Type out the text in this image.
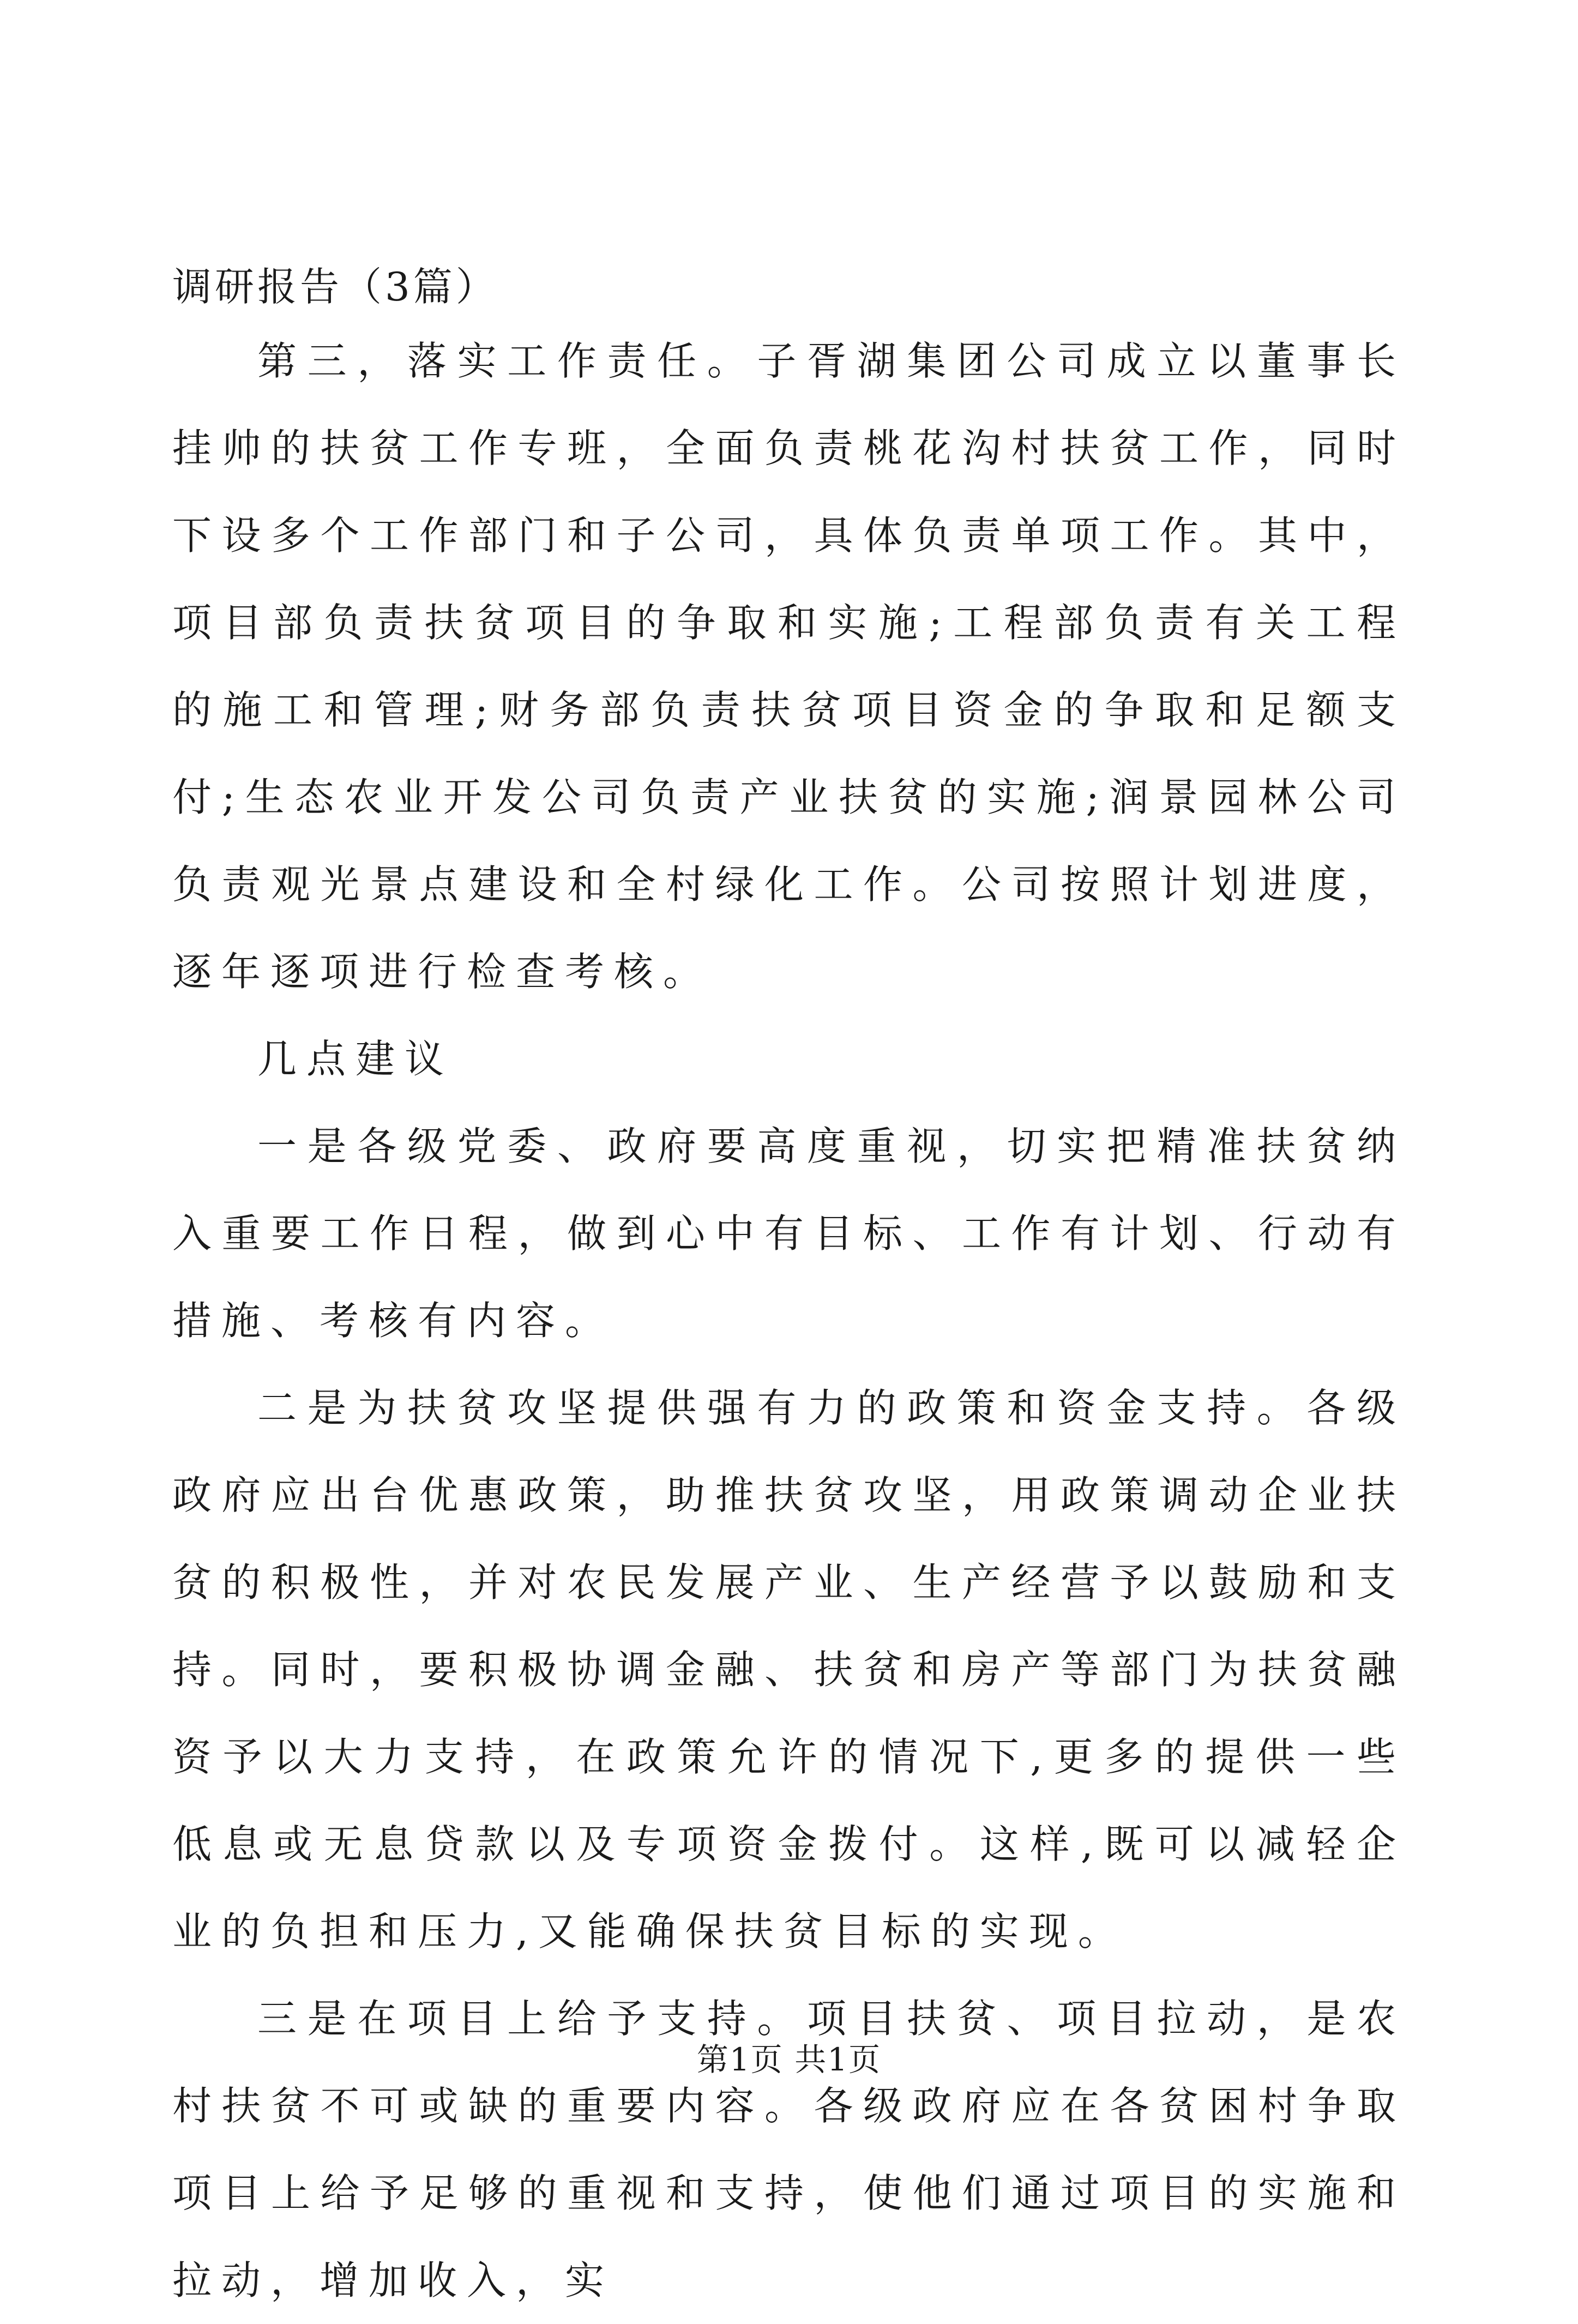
调研报告（3篇）

第三，落实工作责任。子胥湖集团公司成立以董事长挂帅的扶贫工作专班，全面负责桃花沟村扶贫工作，同时下设多个工作部门和子公司，具体负责单项工作。其中，项目部负责扶贫项目的争取和实施;工程部负责有关工程的施工和管理;财务部负责扶贫项目资金的争取和足额支付;生态农业开发公司负责产业扶贫的实施;润景园林公司负责观光景点建设和全村绿化工作。公司按照计划进度，逐年逐项进行检查考核。

几点建议

一是各级党委、政府要高度重视，切实把精准扶贫纳入重要工作日程，做到心中有目标、工作有计划、行动有措施、考核有内容。

二是为扶贫攻坚提供强有力的政策和资金支持。各级政府应出台优惠政策，助推扶贫攻坚，用政策调动企业扶贫的积极性，并对农民发展产业、生产经营予以鼓励和支持。同时，要积极协调金融、扶贫和房产等部门为扶贫融资予以大力支持，在政策允许的情况下,更多的提供一些低息或无息贷款以及专项资金拨付。这样,既可以减轻企业的负担和压力,又能确保扶贫目标的实现。

三是在项目上给予支持。项目扶贫、项目拉动，是农村扶贫不可或缺的重要内容。各级政府应在各贫困村争取项目上给予足够的重视和支持，使他们通过项目的实施和拉动，增加收入，实

第1页 共1页
